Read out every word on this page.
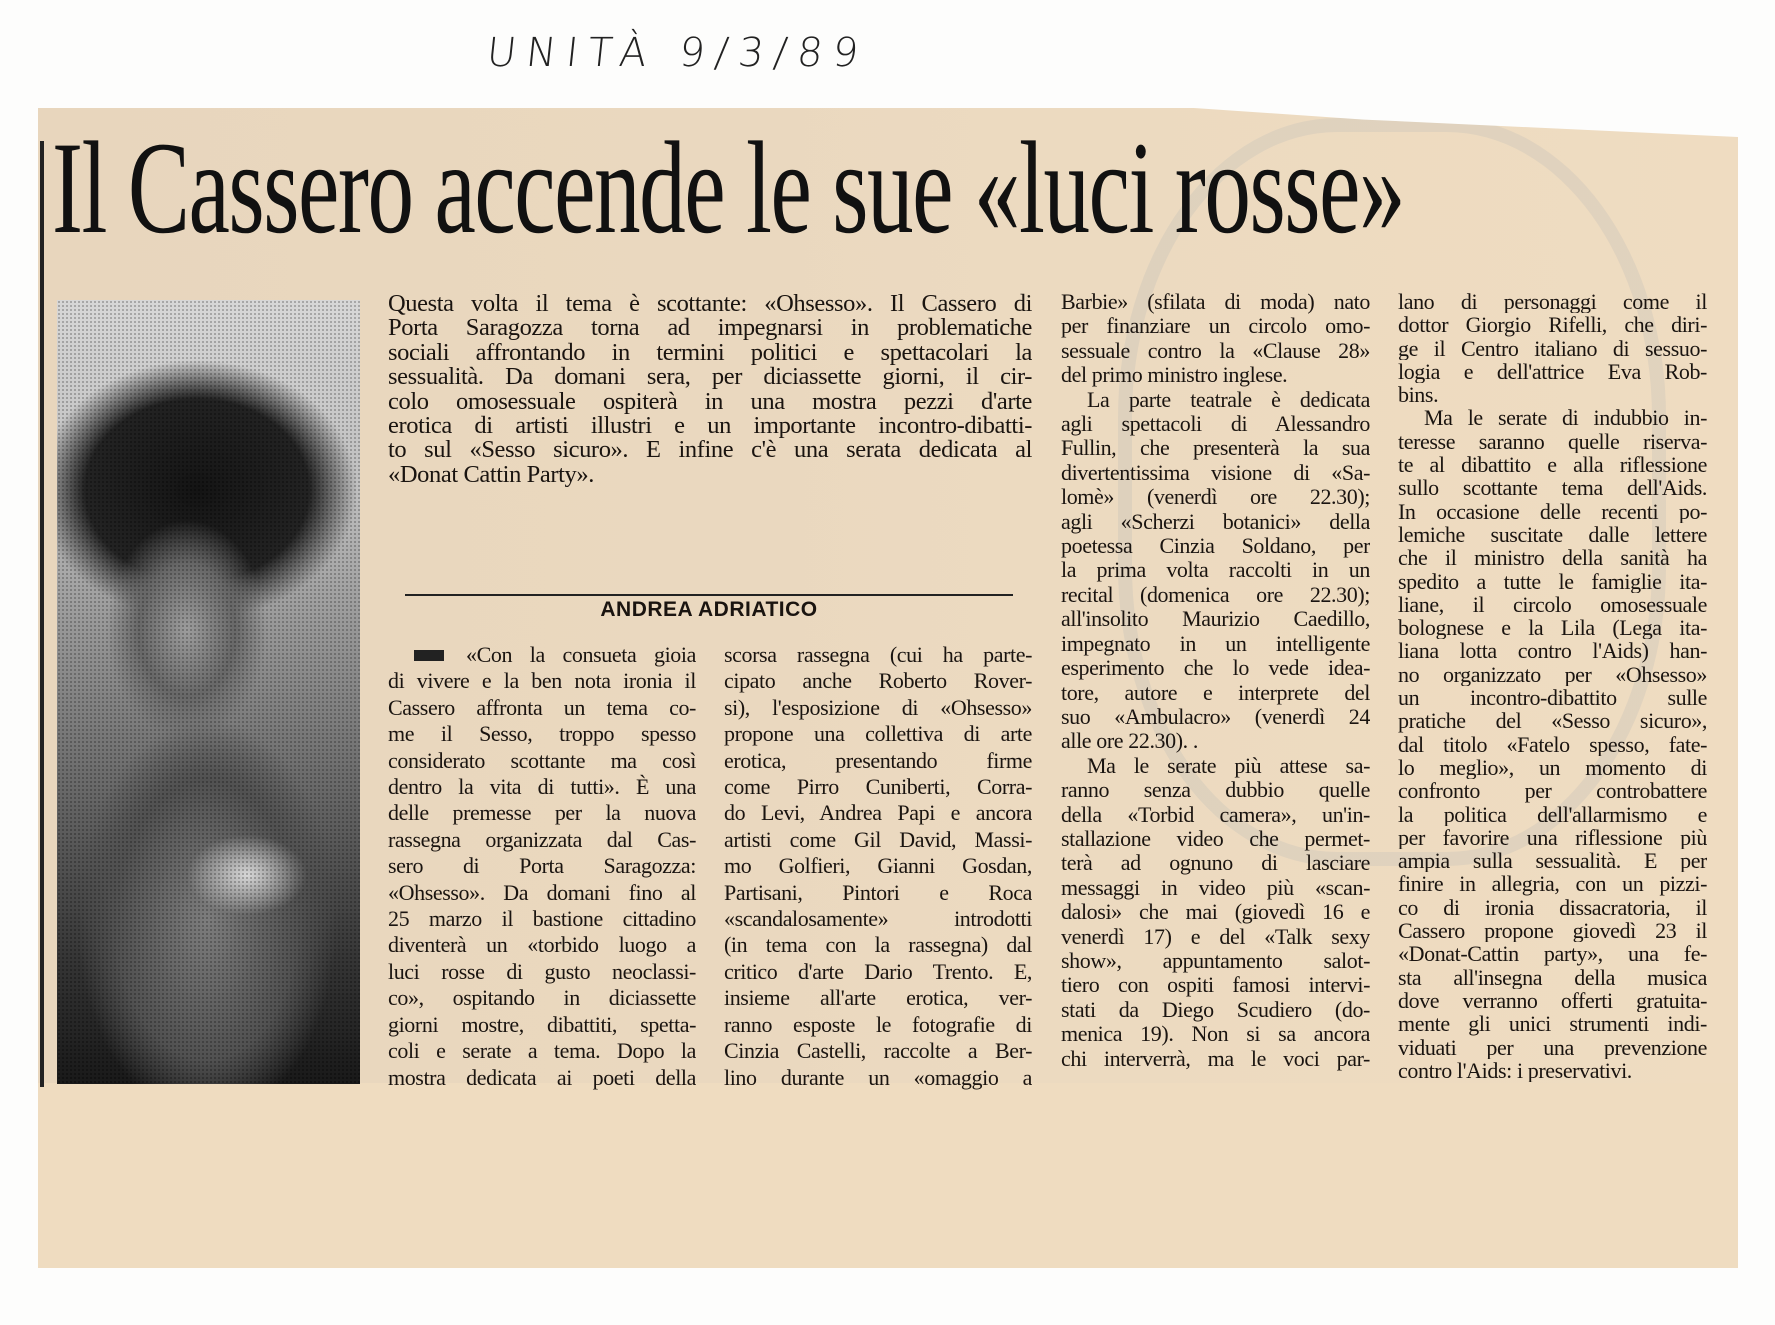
UNITÀ 9/3/89
Il Cassero accende le sue «luci rosse»
Questa volta il tema è scottante: «Ohsesso». Il Cassero di
Porta Saragozza torna ad impegnarsi in problematiche
sociali affrontando in termini politici e spettacolari la
sessualità. Da domani sera, per diciassette giorni, il cir-
colo omosessuale ospiterà in una mostra pezzi d'arte
erotica di artisti illustri e un importante incontro-dibatti-
to sul «Sesso sicuro». E infine c'è una serata dedicata al
«Donat Cattin Party».
ANDREA ADRIATICO
«Con la consueta gioia
di vivere e la ben nota ironia il
Cassero affronta un tema co-
me il Sesso, troppo spesso
considerato scottante ma così
dentro la vita di tutti». È una
delle premesse per la nuova
rassegna organizzata dal Cas-
sero di Porta Saragozza:
«Ohsesso». Da domani fino al
25 marzo il bastione cittadino
diventerà un «torbido luogo a
luci rosse di gusto neoclassi-
co», ospitando in diciassette
giorni mostre, dibattiti, spetta-
coli e serate a tema. Dopo la
mostra dedicata ai poeti della
scorsa rassegna (cui ha parte-
cipato anche Roberto Rover-
si), l'esposizione di «Ohsesso»
propone una collettiva di arte
erotica, presentando firme
come Pirro Cuniberti, Corra-
do Levi, Andrea Papi e ancora
artisti come Gil David, Massi-
mo Golfieri, Gianni Gosdan,
Partisani, Pintori e Roca
«scandalosamente» introdotti
(in tema con la rassegna) dal
critico d'arte Dario Trento. E,
insieme all'arte erotica, ver-
ranno esposte le fotografie di
Cinzia Castelli, raccolte a Ber-
lino durante un «omaggio a
Barbie» (sfilata di moda) nato
per finanziare un circolo omo-
sessuale contro la «Clause 28»
del primo ministro inglese.
La parte teatrale è dedicata
agli spettacoli di Alessandro
Fullin, che presenterà la sua
divertentissima visione di «Sa-
lomè» (venerdì ore 22.30);
agli «Scherzi botanici» della
poetessa Cinzia Soldano, per
la prima volta raccolti in un
recital (domenica ore 22.30);
all'insolito Maurizio Caedillo,
impegnato in un intelligente
esperimento che lo vede idea-
tore, autore e interprete del
suo «Ambulacro» (venerdì 24
alle ore 22.30). .
Ma le serate più attese sa-
ranno senza dubbio quelle
della «Torbid camera», un'in-
stallazione video che permet-
terà ad ognuno di lasciare
messaggi in video più «scan-
dalosi» che mai (giovedì 16 e
venerdì 17) e del «Talk sexy
show», appuntamento salot-
tiero con ospiti famosi intervi-
stati da Diego Scudiero (do-
menica 19). Non si sa ancora
chi interverrà, ma le voci par-
lano di personaggi come il
dottor Giorgio Rifelli, che diri-
ge il Centro italiano di sessuo-
logia e dell'attrice Eva Rob-
bins.
Ma le serate di indubbio in-
teresse saranno quelle riserva-
te al dibattito e alla riflessione
sullo scottante tema dell'Aids.
In occasione delle recenti po-
lemiche suscitate dalle lettere
che il ministro della sanità ha
spedito a tutte le famiglie ita-
liane, il circolo omosessuale
bolognese e la Lila (Lega ita-
liana lotta contro l'Aids) han-
no organizzato per «Ohsesso»
un incontro-dibattito sulle
pratiche del «Sesso sicuro»,
dal titolo «Fatelo spesso, fate-
lo meglio», un momento di
confronto per controbattere
la politica dell'allarmismo e
per favorire una riflessione più
ampia sulla sessualità. E per
finire in allegria, con un pizzi-
co di ironia dissacratoria, il
Cassero propone giovedì 23 il
«Donat-Cattin party», una fe-
sta all'insegna della musica
dove verranno offerti gratuita-
mente gli unici strumenti indi-
viduati per una prevenzione
contro l'Aids: i preservativi.
